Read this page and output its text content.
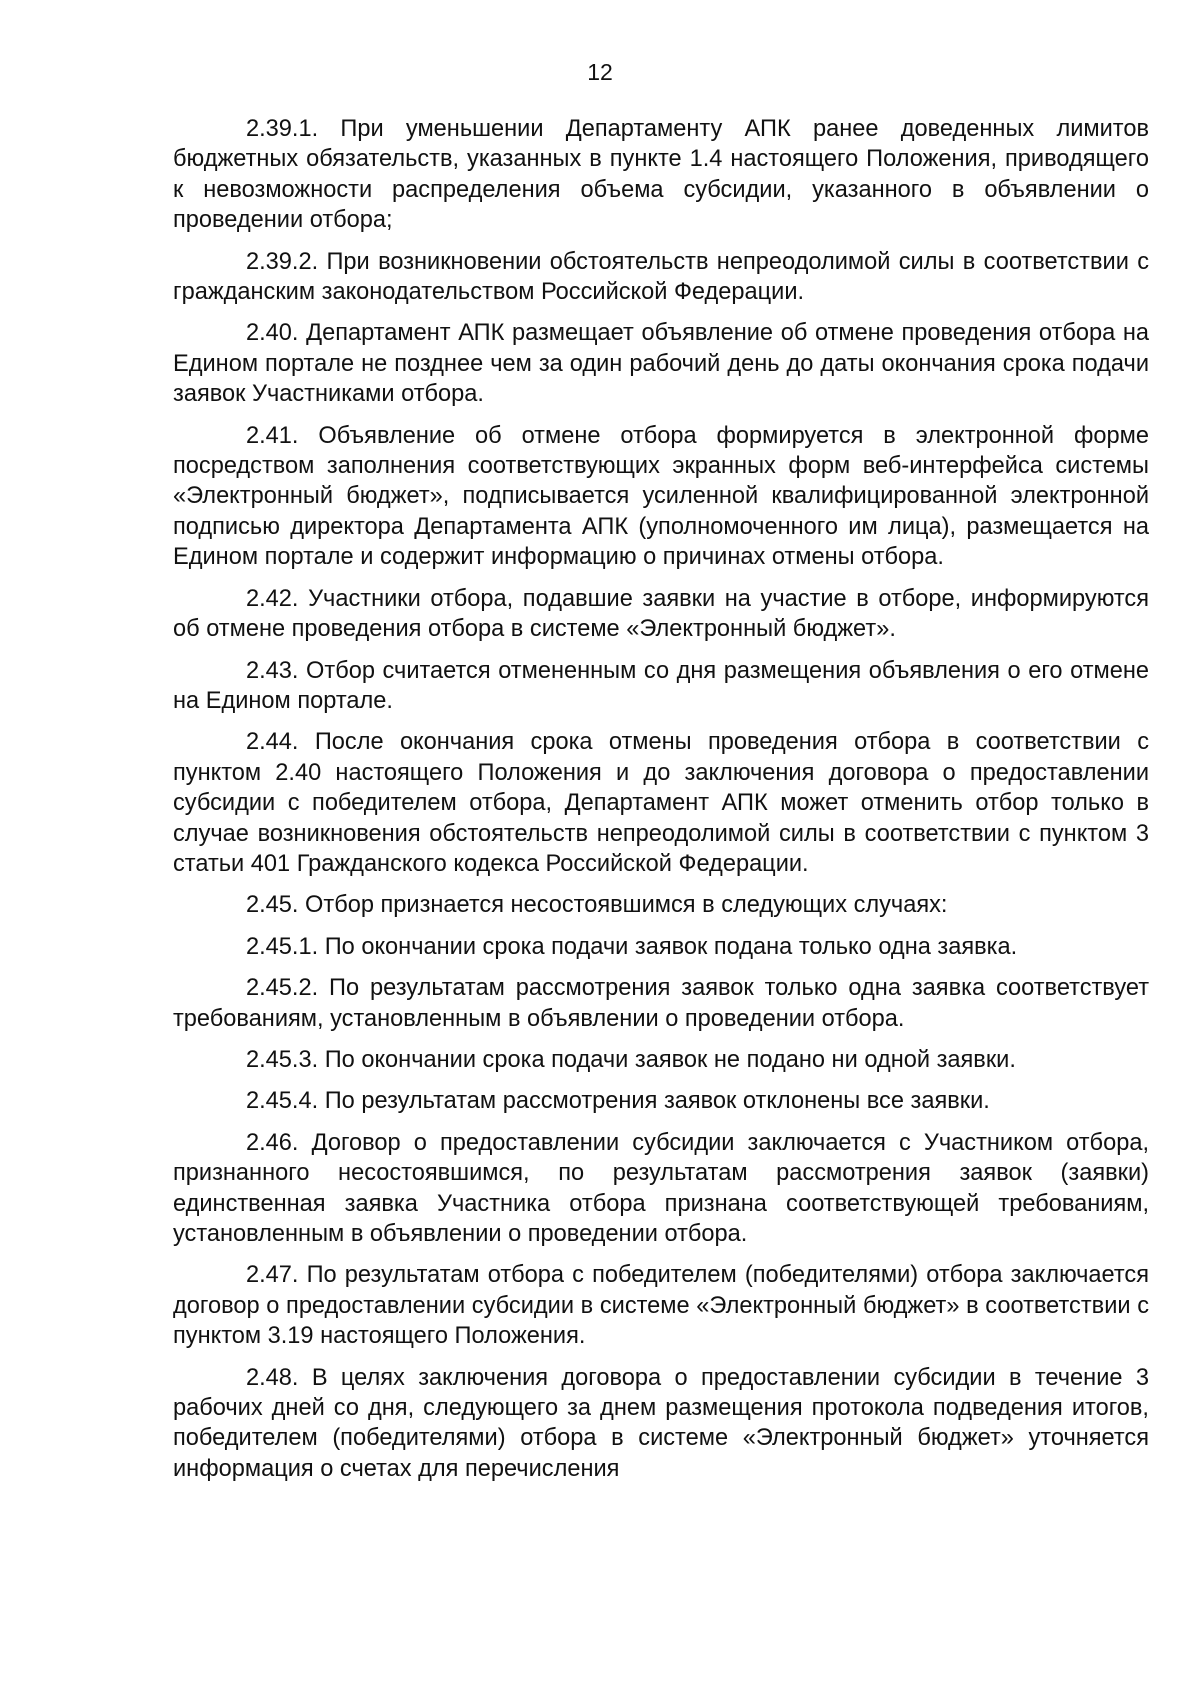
12

2.39.1. При уменьшении Департаменту АПК ранее доведенных лимитов бюджетных обязательств, указанных в пункте 1.4 настоящего Положения, приводящего к невозможности распределения объема субсидии, указанного в объявлении о проведении отбора;

2.39.2. При возникновении обстоятельств непреодолимой силы в соответствии с гражданским законодательством Российской Федерации.

2.40. Департамент АПК размещает объявление об отмене проведения отбора на Едином портале не позднее чем за один рабочий день до даты окончания срока подачи заявок Участниками отбора.

2.41. Объявление об отмене отбора формируется в электронной форме посредством заполнения соответствующих экранных форм веб-интерфейса системы «Электронный бюджет», подписывается усиленной квалифицированной электронной подписью директора Департамента АПК (уполномоченного им лица), размещается на Едином портале и содержит информацию о причинах отмены отбора.

2.42. Участники отбора, подавшие заявки на участие в отборе, информируются об отмене проведения отбора в системе «Электронный бюджет».

2.43. Отбор считается отмененным со дня размещения объявления о его отмене на Едином портале.

2.44. После окончания срока отмены проведения отбора в соответствии с пунктом 2.40 настоящего Положения и до заключения договора о предоставлении субсидии с победителем отбора, Департамент АПК может отменить отбор только в случае возникновения обстоятельств непреодолимой силы в соответствии с пунктом 3 статьи 401 Гражданского кодекса Российской Федерации.

2.45. Отбор признается несостоявшимся в следующих случаях:

2.45.1. По окончании срока подачи заявок подана только одна заявка.

2.45.2. По результатам рассмотрения заявок только одна заявка соответствует требованиям, установленным в объявлении о проведении отбора.

2.45.3. По окончании срока подачи заявок не подано ни одной заявки.

2.45.4. По результатам рассмотрения заявок отклонены все заявки.

2.46. Договор о предоставлении субсидии заключается с Участником отбора, признанного несостоявшимся, по результатам рассмотрения заявок (заявки) единственная заявка Участника отбора признана соответствующей требованиям, установленным в объявлении о проведении отбора.

2.47. По результатам отбора с победителем (победителями) отбора заключается договор о предоставлении субсидии в системе «Электронный бюджет» в соответствии с пунктом 3.19 настоящего Положения.

2.48. В целях заключения договора о предоставлении субсидии в течение 3 рабочих дней со дня, следующего за днем размещения протокола подведения итогов, победителем (победителями) отбора в системе «Электронный бюджет» уточняется информация о счетах для перечисления
